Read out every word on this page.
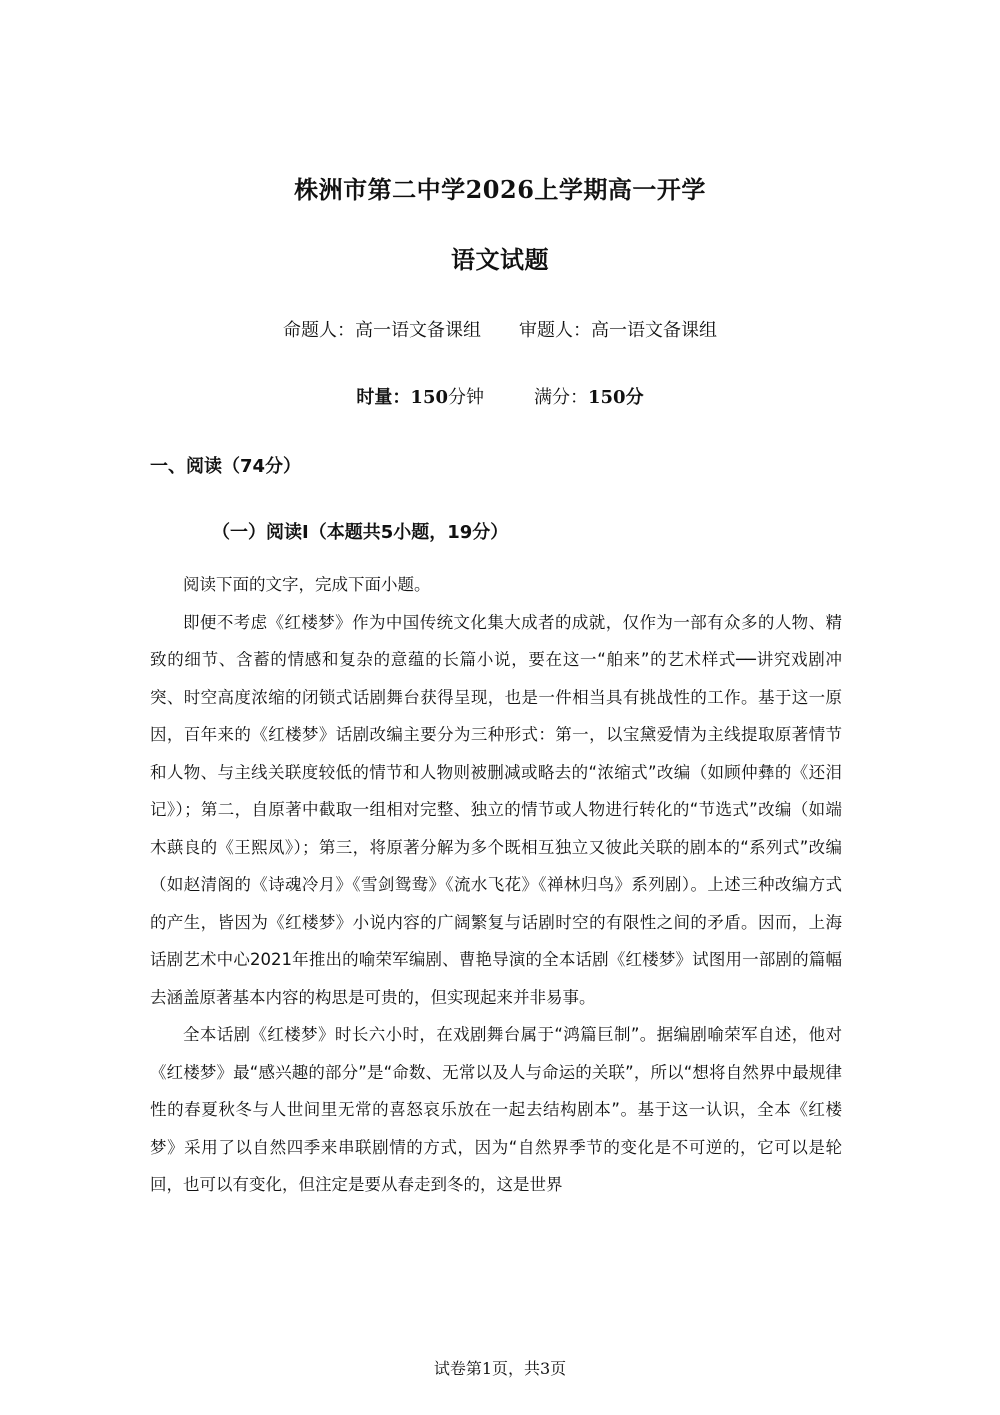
株洲市第二中学2026上学期高一开学
语文试题
命题人：高一语文备课组 审题人：高一语文备课组
时量：150分钟	满分：150分
一、阅读（74分）
（一）阅读I（本题共5小题，19分）

阅读下面的文字，完成下面小题。

即便不考虑《红楼梦》作为中国传统文化集大成者的成就，仅作为一部有众多的人物、精致的细节、含蓄的情感和复杂的意蕴的长篇小说，要在这一“舶来”的艺术样式──讲究戏剧冲突、时空高度浓缩的闭锁式话剧舞台获得呈现，也是一件相当具有挑战性的工作。基于这一原因，百年来的《红楼梦》话剧改编主要分为三种形式：第一，以宝黛爱情为主线提取原著情节和人物、与主线关联度较低的情节和人物则被删减或略去的“浓缩式”改编（如顾仲彝的《还泪记》）；第二，自原著中截取一组相对完整、独立的情节或人物进行转化的“节选式”改编（如端木蕻良的《王熙凤》）；第三，将原著分解为多个既相互独立又彼此关联的剧本的“系列式”改编（如赵清阁的《诗魂冷月》《雪剑鸳鸯》《流水飞花》《禅林归鸟》系列剧）。上述三种改编方式的产生，皆因为《红楼梦》小说内容的广阔繁复与话剧时空的有限性之间的矛盾。因而，上海话剧艺术中心2021年推出的喻荣军编剧、曹艳导演的全本话剧《红楼梦》试图用一部剧的篇幅去涵盖原著基本内容的构思是可贵的，但实现起来并非易事。

全本话剧《红楼梦》时长六小时，在戏剧舞台属于“鸿篇巨制”。据编剧喻荣军自述，他对《红楼梦》最“感兴趣的部分”是“命数、无常以及人与命运的关联”，所以“想将自然界中最规律性的春夏秋冬与人世间里无常的喜怒哀乐放在一起去结构剧本”。基于这一认识，全本《红楼梦》采用了以自然四季来串联剧情的方式，因为“自然界季节的变化是不可逆的，它可以是轮回，也可以有变化，但注定是要从春走到冬的，这是世界

试卷第1页，共3页
